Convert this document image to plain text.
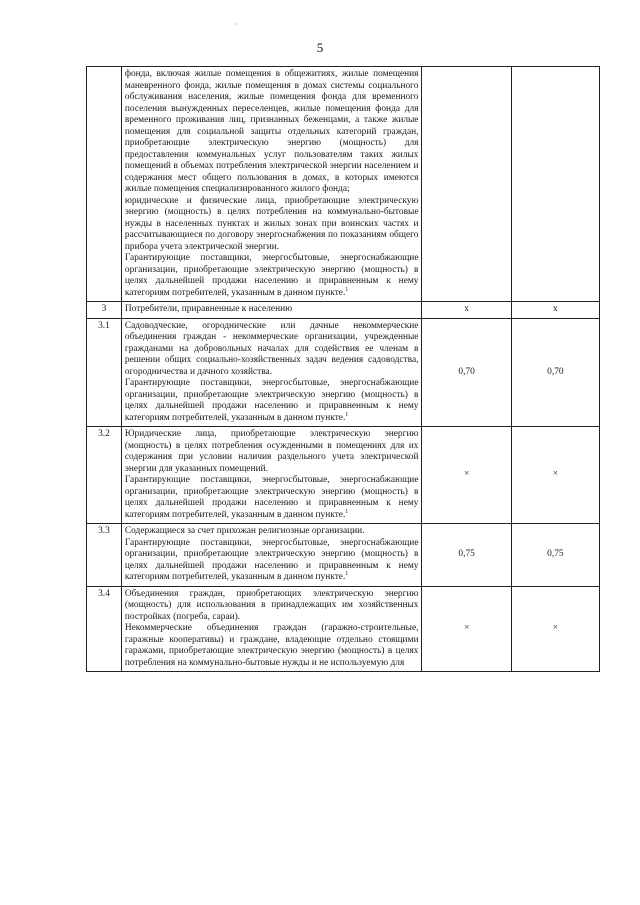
·
5

	фонда, включая жилые помещения в общежитиях, жилые помещения маневренного фонда, жилые помещения в домах системы социального обслуживания населения, жилые помещения фонда для временного поселения вынужденных переселенцев, жилые помещения фонда для временного проживания лиц, признанных беженцами, а также жилые помещения для социальной защиты отдельных категорий граждан, приобретающие электрическую энергию (мощность) для предоставления коммунальных услуг пользователям таких жилых помещений в объемах потребления электрической энергии населением и содержания мест общего пользования в домах, в которых имеются жилые помещения специализированного жилого фонда;
юридические и физические лица, приобретающие электрическую энергию (мощность) в целях потребления на коммунально-бытовые нужды в населенных пунктах и жилых зонах при воинских частях и рассчитывающиеся по договору энергоснабжения по показаниям общего прибора учета электрической энергии.
Гарантирующие поставщики, энергосбытовые, энергоснабжающие организации, приобретающие электрическую энергию (мощность) в целях дальнейшей продажи населению и приравненным к нему категориям потребителей, указанным в данном пункте.$^1$

3	Потребители, приравненные к населению	х	х
3.1	Садоводческие, огороднические или дачные некоммерческие объединения граждан - некоммерческие организации, учрежденные гражданами на добровольных началах для содействия ее членам в решении общих социально-хозяйственных задач ведения садоводства, огородничества и дачного хозяйства.
Гарантирующие поставщики, энергосбытовые, энергоснабжающие организации, приобретающие электрическую энергию (мощность) в целях дальнейшей продажи населению и приравненным к нему категориям потребителей, указанным в данном пункте.$^1$	0,70	0,70
3.2	Юридические лица, приобретающие электрическую энергию (мощность) в целях потребления осужденными в помещениях для их содержания при условии наличия раздельного учета электрической энергии для указанных помещений.
Гарантирующие поставщики, энергосбытовые, энергоснабжающие организации, приобретающие электрическую энергию (мощность) в целях дальнейшей продажи населению и приравненным к нему категориям потребителей, указанным в данном пункте.$^1$	×	×
3.3	Содержащиеся за счет прихожан религиозные организации.
Гарантирующие поставщики, энергосбытовые, энергоснабжающие организации, приобретающие электрическую энергию (мощность) в целях дальнейшей продажи населению и приравненным к нему категориям потребителей, указанным в данном пункте.$^1$	0,75	0,75
3.4	Объединения граждан, приобретающих электрическую энергию (мощность) для использования в принадлежащих им хозяйственных постройках (погреба, сараи).
Некоммерческие объединения граждан (гаражно-строительные, гаражные кооперативы) и граждане, владеющие отдельно стоящими гаражами, приобретающие электрическую энергию (мощность) в целях потребления на коммунально-бытовые нужды и не используемую для	×	×
